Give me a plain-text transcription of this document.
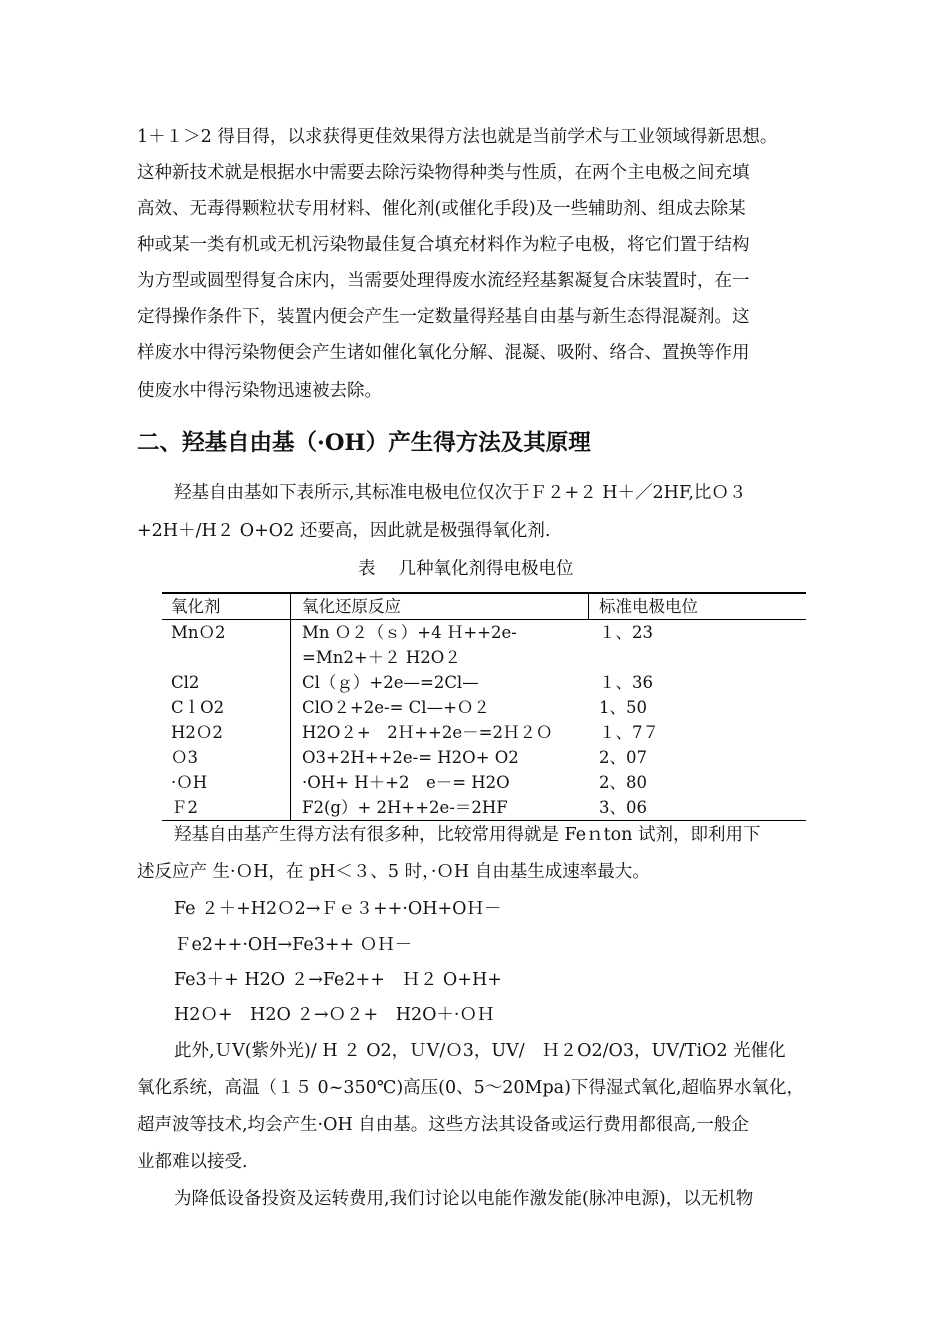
1＋１＞2 得目得，以求获得更佳效果得方法也就是当前学术与工业领域得新思想。
这种新技术就是根据水中需要去除污染物得种类与性质，在两个主电极之间充填
高效、无毒得颗粒状专用材料、催化剂(或催化手段)及一些辅助剂、组成去除某
种或某一类有机或无机污染物最佳复合填充材料作为粒子电极，将它们置于结构
为方型或圆型得复合床内，当需要处理得废水流经羟基絮凝复合床装置时，在一
定得操作条件下，装置内便会产生一定数量得羟基自由基与新生态得混凝剂。这
样废水中得污染物便会产生诸如催化氧化分解、混凝、吸附、络合、置换等作用
使废水中得污染物迅速被去除。
二、羟基自由基（·OH）产生得方法及其原理
羟基自由基如下表所示,其标准电极电位仅次于Ｆ２+２ H＋／2HF,比Ｏ３
+2H＋/H２ O+O2 还要高，因此就是极强得氧化剂.
表　 几种氧化剂得电极电位
氧化剂	氧化还原反应	标准电极电位
MnＯ2	Mn Ｏ２（ｓ）+4 Ｈ++2e-	１、23
=Mn2+＋２ H2O２
Cl2	Cl（ｇ）+2e—=2Cl—	１、36
CｌO2	ClO２+2e-= Cl—+Ｏ２	1、50
H2Ｏ2	H2O２+　2Ｈ++2e－=2Ｈ２Ｏ	１、7７
Ｏ3	O3+2H++2e-= H2O+ O2	2、07
·ＯH	·OH+ H＋+2　e－= H2O	2、80
Ｆ2	F2(g）+ 2H++2e-＝2HF	3、06
羟基自由基产生得方法有很多种，比较常用得就是 Feｎton 试剂，即利用下
述反应产 生·ＯH，在 pH＜３、5 时，·ＯH 自由基生成速率最大。
Fe ２＋+H2Ｏ2→Ｆｅ３++·OH+OＨ－
Ｆe2++·OH→Fe3++ ＯＨ－
Fe3＋+ H2O ２→Fe2++　Ｈ２ O+H+
H2Ｏ+　H2O ２→Ｏ２+　H2O＋·ＯＨ
此外,ＵV(紫外光)/ H ２ O2，ＵV/Ｏ3，UV/　Ｈ２O2/O3，UV/TiO2 光催化
氧化系统，高温（１５ 0~350℃)高压(0、5～20Mpa)下得湿式氧化,超临界水氧化，
超声波等技术,均会产生·OH 自由基。这些方法其设备或运行费用都很高,一般企
业都难以接受.
为降低设备投资及运转费用,我们讨论以电能作激发能(脉冲电源)，以无机物
